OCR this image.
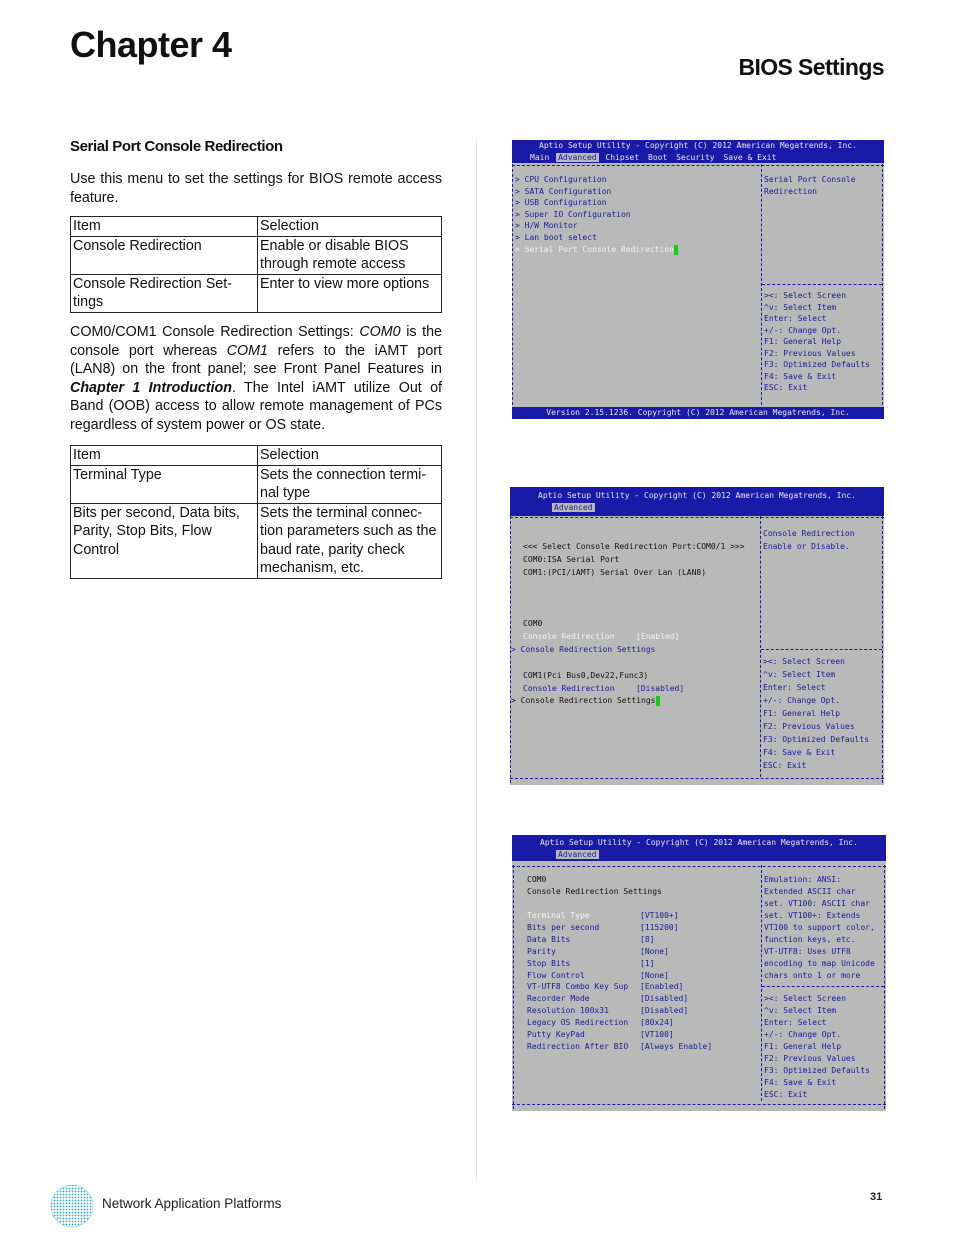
Chapter 4
BIOS Settings
Serial Port Console Redirection
Use this menu to set the settings for BIOS remote access feature.
Item	Selection
Console Redirection	Enable or disable BIOS through remote access
Console Redirection Set-tings	Enter to view more options
COM0/COM1 Console Redirection Settings: COM0 is the console port whereas COM1 refers to the iAMT port (LAN8) on the front panel; see Front Panel Features in Chapter 1 Introduction. The Intel iAMT utilize Out of Band (OOB) access to allow remote management of PCs regardless of system power or OS state.
Item	Selection
Terminal Type	Sets the connection termi-nal type
Bits per second, Data bits, Parity, Stop Bits, Flow Control	Sets the terminal connec-tion parameters such as the baud rate, parity check mechanism, etc.
Aptio Setup Utility - Copyright (C) 2012 American Megatrends, Inc.
Main Advanced Chipset Boot Security Save & Exit
> CPU Configuration
> SATA Configuration
> USB Configuration
> Super IO Configuration
> H/W Monitor
> Lan boot select
> Serial Port Console Redirection
Serial Port Console
Redirection
><: Select Screen
^v: Select Item
Enter: Select
+/-: Change Opt.
F1: General Help
F2: Previous Values
F3: Optimized Defaults
F4: Save & Exit
ESC: Exit
Version 2.15.1236. Copyright (C) 2012 American Megatrends, Inc.
Aptio Setup Utility - Copyright (C) 2012 American Megatrends, Inc.
Advanced
<<< Select Console Redirection Port:COM0/1 >>>
COM0:ISA Serial Port
COM1:(PCI/iAMT) Serial Over Lan (LAN8)
COM0
Console Redirection	[Enabled]
> Console Redirection Settings
COM1(Pci Bus0,Dev22,Func3)
Console Redirection	[Disabled]
> Console Redirection Settings
Console Redirection
Enable or Disable.
><: Select Screen
^v: Select Item
Enter: Select
+/-: Change Opt.
F1: General Help
F2: Previous Values
F3: Optimized Defaults
F4: Save & Exit
ESC: Exit
Aptio Setup Utility - Copyright (C) 2012 American Megatrends, Inc.
Advanced
COM0
Console Redirection Settings
Terminal Type	[VT100+]
Bits per second	[115200]
Data Bits	[8]
Parity	[None]
Stop Bits	[1]
Flow Control	[None]
VT-UTF8 Combo Key Sup [Enabled]
Recorder Mode	[Disabled]
Resolution 100x31	[Disabled]
Legacy OS Redirection [80x24]
Putty KeyPad	[VT100]
Redirection After BIO [Always Enable]
Emulation: ANSI:
Extended ASCII char
set. VT100: ASCII char
set. VT100+: Extends
VT100 to support color,
function keys, etc.
VT-UTF8: Uses UTF8
encoding to map Unicode
chars onto 1 or more
><: Select Screen
^v: Select Item
Enter: Select
+/-: Change Opt.
F1: General Help
F2: Previous Values
F3: Optimized Defaults
F4: Save & Exit
ESC: Exit
Network Application Platforms	31
